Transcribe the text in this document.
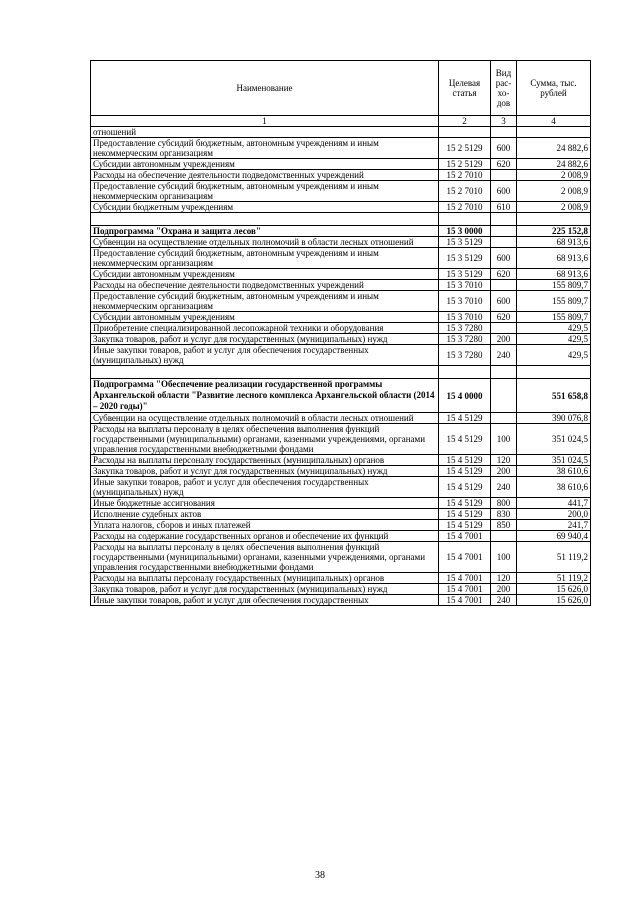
Наименование	Целевая статья	Вид рас-хо-дов	Сумма, тыс. рублей
1	2	3	4
отношений			
Предоставление субсидий бюджетным, автономным учреждениям и иным некоммерческим организациям	15 2 5129	600	24 882,6
Субсидии автономным учреждениям	15 2 5129	620	24 882,6
Расходы на обеспечение деятельности подведомственных учреждений	15 2 7010		2 008,9
Предоставление субсидий бюджетным, автономным учреждениям и иным некоммерческим организациям	15 2 7010	600	2 008,9
Субсидии бюджетным учреждениям	15 2 7010	610	2 008,9

Подпрограмма "Охрана и защита лесов"	15 3 0000		225 152,8
Субвенции на осуществление отдельных полномочий в области лесных отношений	15 3 5129		68 913,6
Предоставление субсидий бюджетным, автономным учреждениям и иным некоммерческим организациям	15 3 5129	600	68 913,6
Субсидии автономным учреждениям	15 3 5129	620	68 913,6
Расходы на обеспечение деятельности подведомственных учреждений	15 3 7010		155 809,7
Предоставление субсидий бюджетным, автономным учреждениям и иным некоммерческим организациям	15 3 7010	600	155 809,7
Субсидии автономным учреждениям	15 3 7010	620	155 809,7
Приобретение специализированной лесопожарной техники и оборудования	15 3 7280		429,5
Закупка товаров, работ и услуг для государственных (муниципальных) нужд	15 3 7280	200	429,5
Иные закупки товаров, работ и услуг для обеспечения государственных (муниципальных) нужд	15 3 7280	240	429,5

Подпрограмма "Обеспечение реализации государственной программы Архангельской области "Развитие лесного комплекса Архангельской области (2014 – 2020 годы)"	15 4 0000		551 658,8
Субвенции на осуществление отдельных полномочий в области лесных отношений	15 4 5129		390 076,8
Расходы на выплаты персоналу в целях обеспечения выполнения функций государственными (муниципальными) органами, казенными учреждениями, органами управления государственными внебюджетными фондами	15 4 5129	100	351 024,5
Расходы на выплаты персоналу государственных (муниципальных) органов	15 4 5129	120	351 024,5
Закупка товаров, работ и услуг для государственных (муниципальных) нужд	15 4 5129	200	38 610,6
Иные закупки товаров, работ и услуг для обеспечения государственных (муниципальных) нужд	15 4 5129	240	38 610,6
Иные бюджетные ассигнования	15 4 5129	800	441,7
Исполнение судебных актов	15 4 5129	830	200,0
Уплата налогов, сборов и иных платежей	15 4 5129	850	241,7
Расходы на содержание государственных органов и обеспечение их функций	15 4 7001		69 940,4
Расходы на выплаты персоналу в целях обеспечения выполнения функций государственными (муниципальными) органами, казенными учреждениями, органами управления государственными внебюджетными фондами	15 4 7001	100	51 119,2
Расходы на выплаты персоналу государственных (муниципальных) органов	15 4 7001	120	51 119,2
Закупка товаров, работ и услуг для государственных (муниципальных) нужд	15 4 7001	200	15 626,0
Иные закупки товаров, работ и услуг для обеспечения государственных	15 4 7001	240	15 626,0
38
